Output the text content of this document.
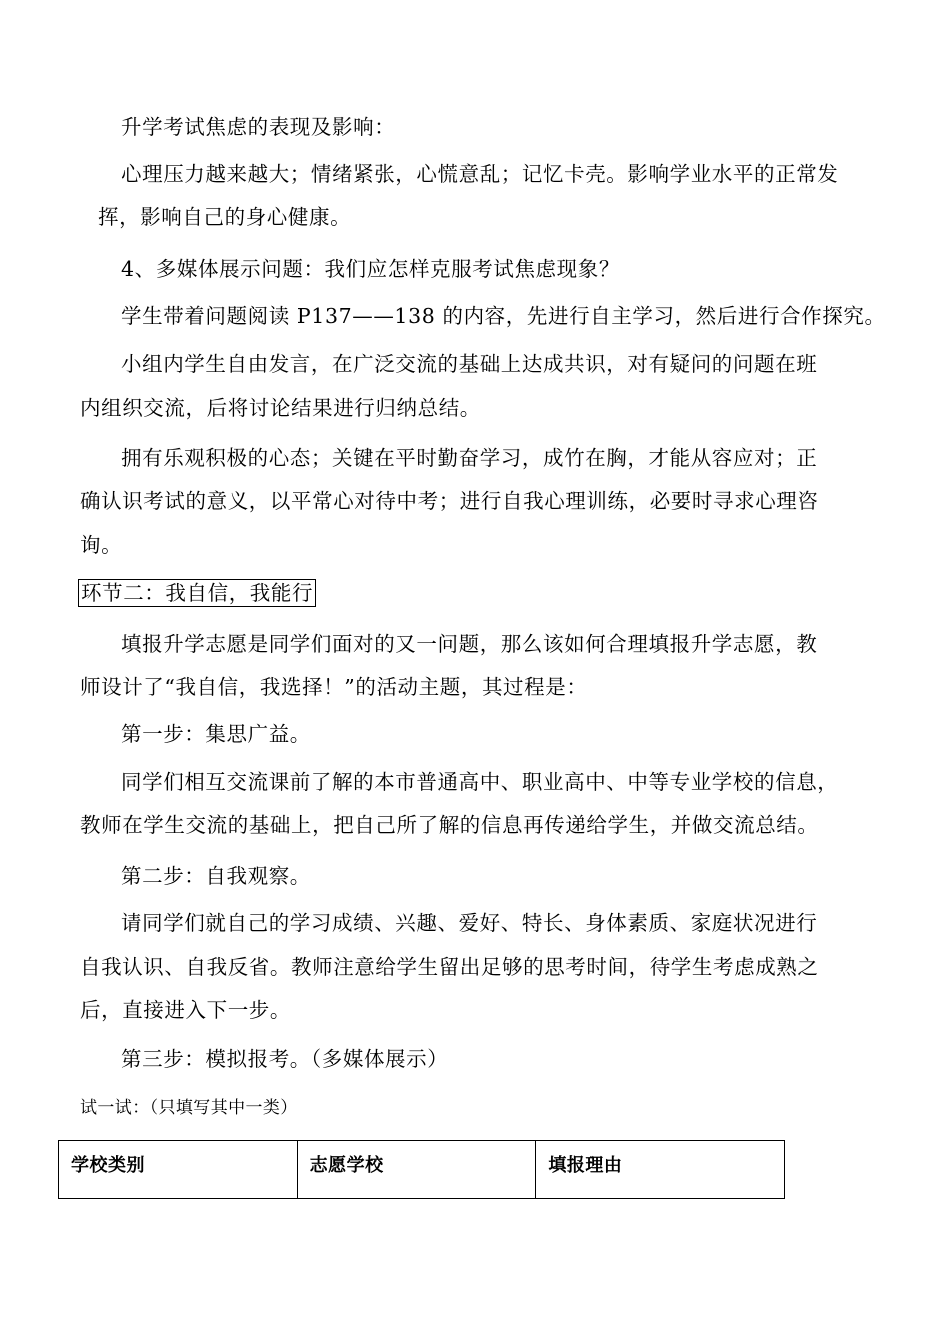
升学考试焦虑的表现及影响：
心理压力越来越大；情绪紧张，心慌意乱；记忆卡壳。影响学业水平的正常发
挥，影响自己的身心健康。
4、多媒体展示问题：我们应怎样克服考试焦虑现象？
学生带着问题阅读 P137——138 的内容，先进行自主学习，然后进行合作探究。
小组内学生自由发言，在广泛交流的基础上达成共识，对有疑问的问题在班
内组织交流，后将讨论结果进行归纳总结。
拥有乐观积极的心态；关键在平时勤奋学习，成竹在胸，才能从容应对；正
确认识考试的意义，以平常心对待中考；进行自我心理训练，必要时寻求心理咨
询。
环节二：我自信，我能行
填报升学志愿是同学们面对的又一问题，那么该如何合理填报升学志愿，教
师设计了“我自信，我选择！”的活动主题，其过程是：
第一步：集思广益。
同学们相互交流课前了解的本市普通高中、职业高中、中等专业学校的信息，
教师在学生交流的基础上，把自己所了解的信息再传递给学生，并做交流总结。
第二步：自我观察。
请同学们就自己的学习成绩、兴趣、爱好、特长、身体素质、家庭状况进行
自我认识、自我反省。教师注意给学生留出足够的思考时间，待学生考虑成熟之
后，直接进入下一步。
第三步：模拟报考。（多媒体展示）
试一试：（只填写其中一类）
学校类别	志愿学校	填报理由
